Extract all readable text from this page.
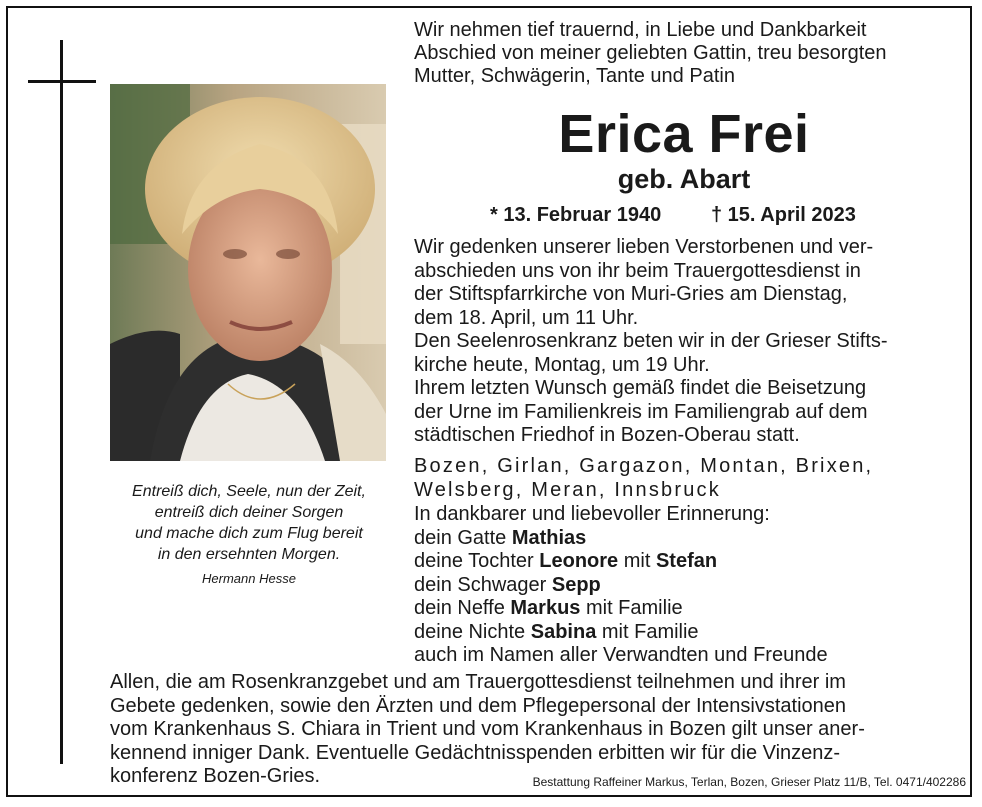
Entreiß dich, Seele, nun der Zeit,
entreiß dich deiner Sorgen
und mache dich zum Flug bereit
in den ersehnten Morgen.
Hermann Hesse
Wir nehmen tief trauernd, in Liebe und Dankbarkeit
Abschied von meiner geliebten Gattin, treu besorgten
Mutter, Schwägerin, Tante und Patin
Erica Frei
geb. Abart
* 13. Februar 1940 † 15. April 2023
Wir gedenken unserer lieben Verstorbenen und ver-
abschieden uns von ihr beim Trauergottesdienst in
der Stiftspfarrkirche von Muri-Gries am Dienstag,
dem 18. April, um 11 Uhr.
Den Seelenrosenkranz beten wir in der Grieser Stifts-
kirche heute, Montag, um 19 Uhr.
Ihrem letzten Wunsch gemäß findet die Beisetzung
der Urne im Familienkreis im Familiengrab auf dem
städtischen Friedhof in Bozen-Oberau statt.
Bozen, Girlan, Gargazon, Montan, Brixen,
Welsberg, Meran, Innsbruck
In dankbarer und liebevoller Erinnerung:
dein Gatte Mathias
deine Tochter Leonore mit Stefan
dein Schwager Sepp
dein Neffe Markus mit Familie
deine Nichte Sabina mit Familie
auch im Namen aller Verwandten und Freunde
Allen, die am Rosenkranzgebet und am Trauergottesdienst teilnehmen und ihrer im
Gebete gedenken, sowie den Ärzten und dem Pflegepersonal der Intensivstationen
vom Krankenhaus S. Chiara in Trient und vom Krankenhaus in Bozen gilt unser aner-
kennend inniger Dank. Eventuelle Gedächtnisspenden erbitten wir für die Vinzenz-
konferenz Bozen-Gries.	Bestattung Raffeiner Markus, Terlan, Bozen, Grieser Platz 11/B, Tel. 0471/402286
